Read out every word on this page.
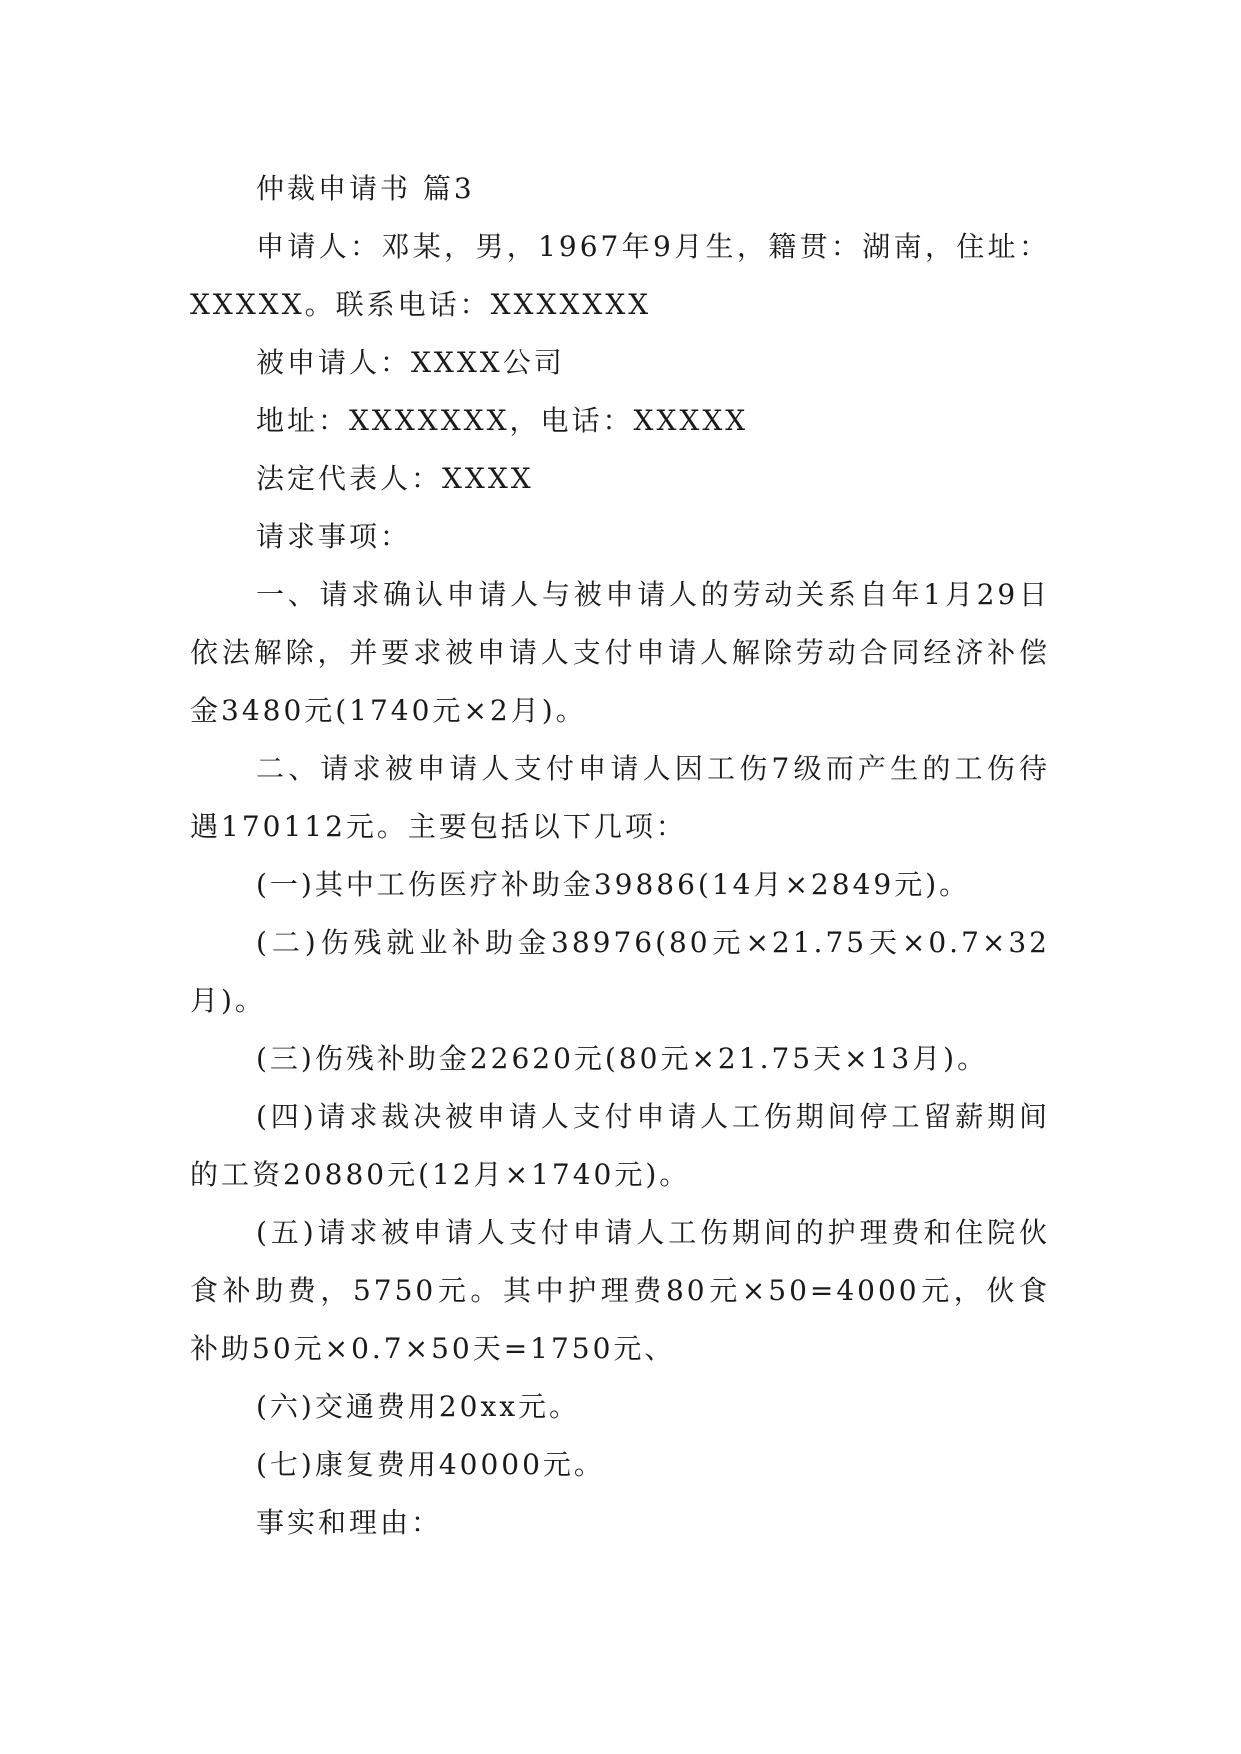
仲裁申请书 篇3

申请人：邓某，男，1967年9月生，籍贯：湖南，住址：XXXXX。联系电话：XXXXXXX

被申请人：XXXX公司

地址：XXXXXXX，电话：XXXXX

法定代表人：XXXX

请求事项：

一、请求确认申请人与被申请人的劳动关系自年1月29日依法解除，并要求被申请人支付申请人解除劳动合同经济补偿金3480元(1740元×2月)。

二、请求被申请人支付申请人因工伤7级而产生的工伤待遇170112元。主要包括以下几项：

(一)其中工伤医疗补助金39886(14月×2849元)。

(二)伤残就业补助金38976(80元×21.75天×0.7×32月)。

(三)伤残补助金22620元(80元×21.75天×13月)。

(四)请求裁决被申请人支付申请人工伤期间停工留薪期间的工资20880元(12月×1740元)。

(五)请求被申请人支付申请人工伤期间的护理费和住院伙食补助费，5750元。其中护理费80元×50=4000元，伙食补助50元×0.7×50天=1750元、

(六)交通费用20xx元。

(七)康复费用40000元。

事实和理由：
